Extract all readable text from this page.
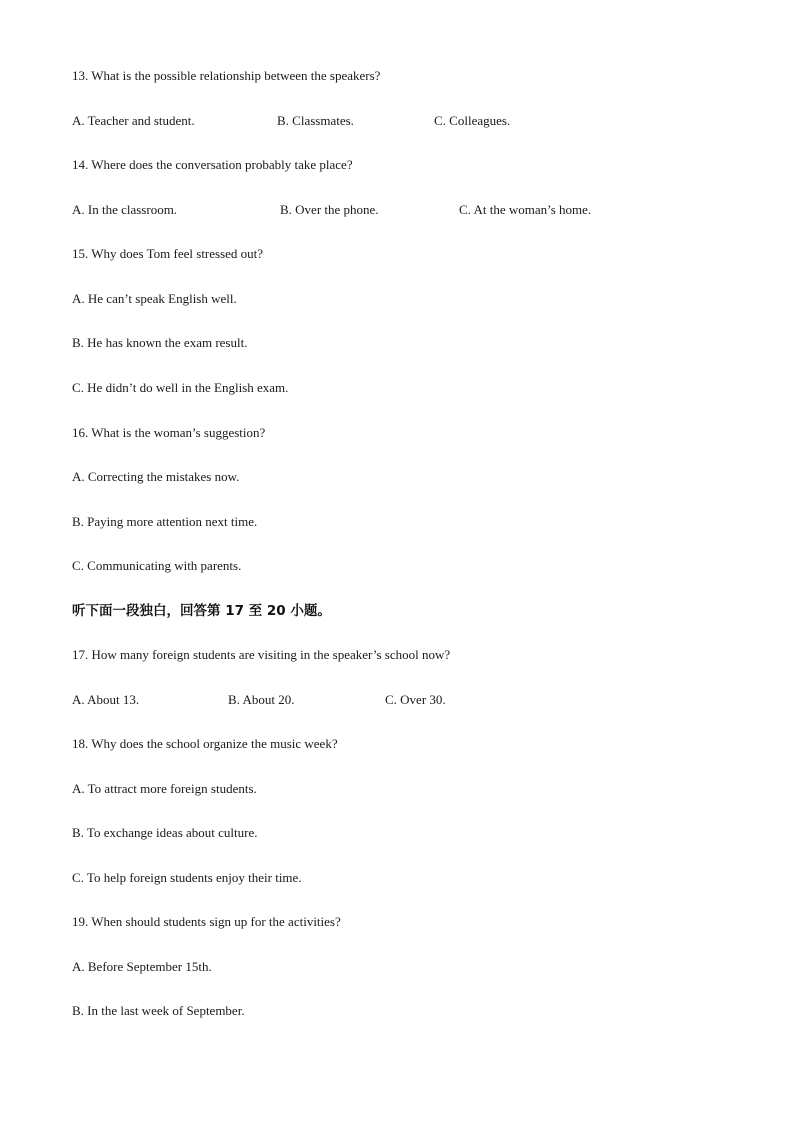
13. What is the possible relationship between the speakers?
A. Teacher and student.	B. Classmates.	C. Colleagues.
14. Where does the conversation probably take place?
A. In the classroom.	B. Over the phone.	C. At the woman’s home.
15. Why does Tom feel stressed out?
A. He can’t speak English well.
B. He has known the exam result.
C. He didn’t do well in the English exam.
16. What is the woman’s suggestion?
A. Correcting the mistakes now.
B. Paying more attention next time.
C. Communicating with parents.
听下面一段独白，回答第 17 至 20 小题。
17. How many foreign students are visiting in the speaker’s school now?
A. About 13.	B. About 20.	C. Over 30.
18. Why does the school organize the music week?
A. To attract more foreign students.
B. To exchange ideas about culture.
C. To help foreign students enjoy their time.
19. When should students sign up for the activities?
A. Before September 15th.
B. In the last week of September.
